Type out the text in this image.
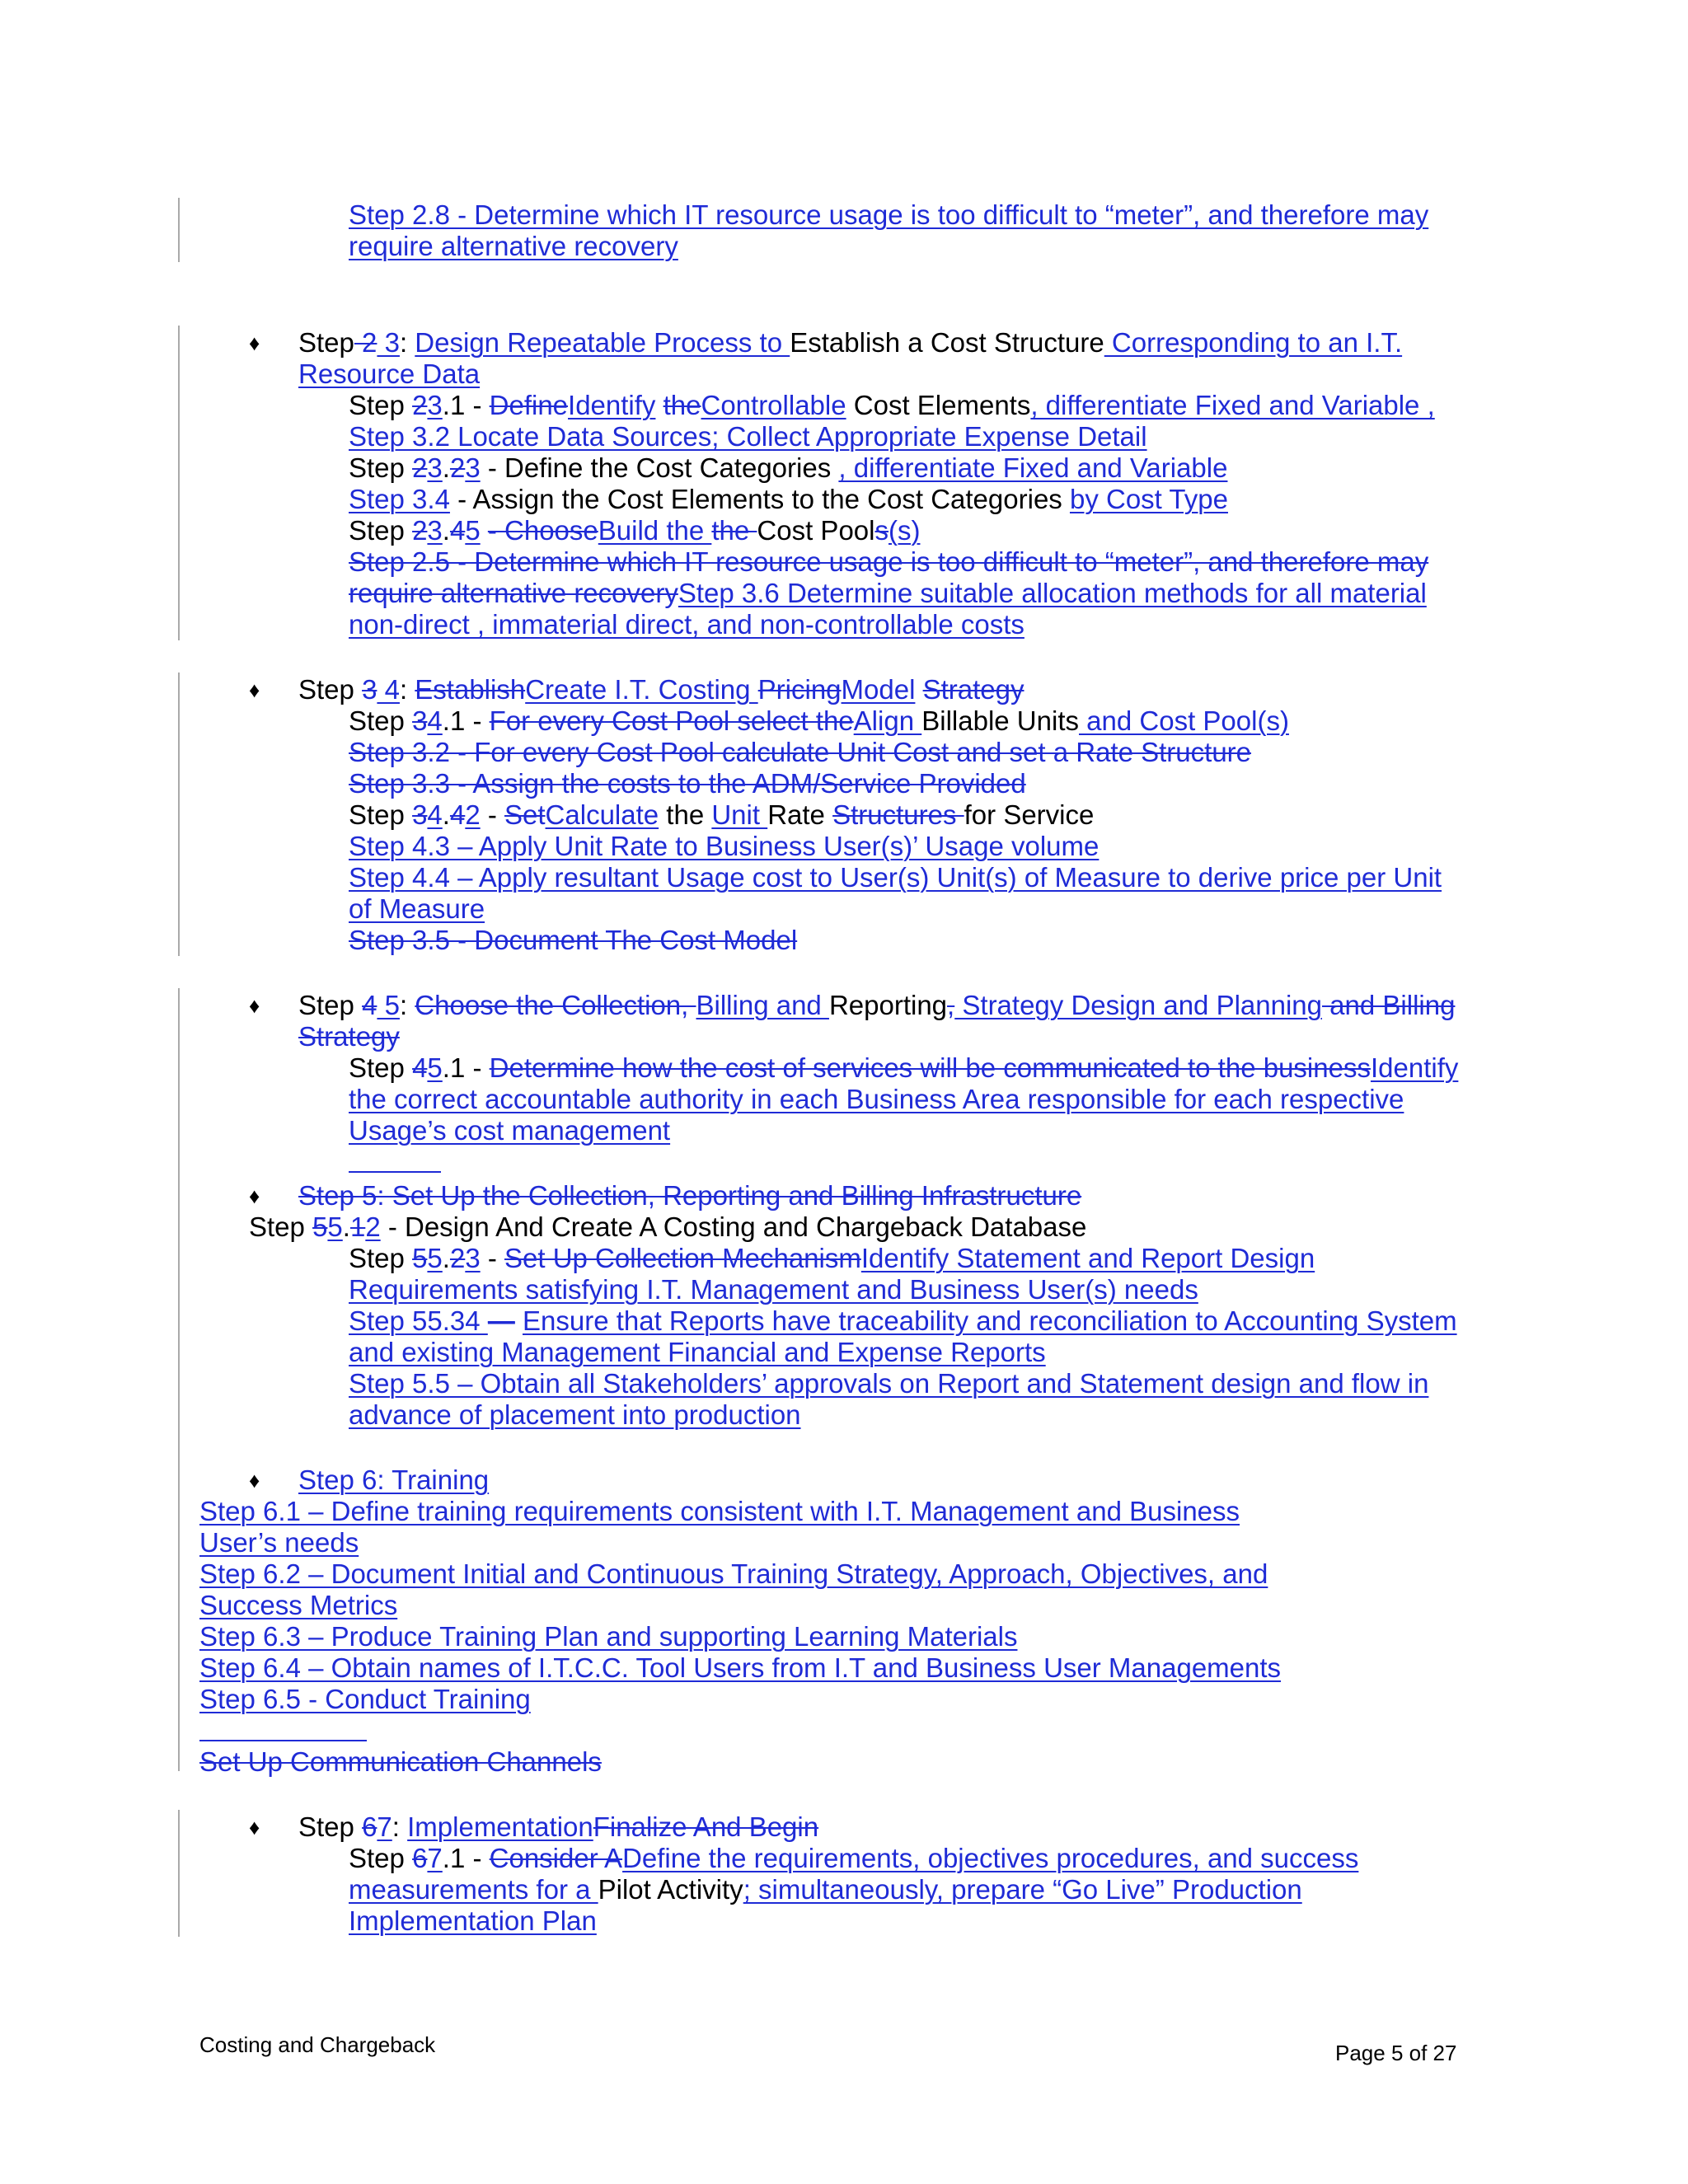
Step 2.8 - Determine which IT resource usage is too difficult to “meter”, and therefore may
require alternative recovery
♦ Step 2 3: Design Repeatable Process to Establish a Cost Structure Corresponding to an I.T.
Resource Data
Step 23.1 - DefineIdentify theControllable Cost Elements, differentiate Fixed and Variable ,
Step 3.2 Locate Data Sources; Collect Appropriate Expense Detail
Step 23.23 - Define the Cost Categories , differentiate Fixed and Variable
Step 3.4 - Assign the Cost Elements to the Cost Categories by Cost Type
Step 23.45 - ChooseBuild the the Cost Pools(s)
Step 2.5 - Determine which IT resource usage is too difficult to “meter”, and therefore may
require alternative recoveryStep 3.6 Determine suitable allocation methods for all material
non-direct , immaterial direct, and non-controllable costs
♦ Step 3 4: EstablishCreate I.T. Costing PricingModel Strategy
Step 34.1 - For every Cost Pool select theAlign Billable Units and Cost Pool(s)
Step 3.2 - For every Cost Pool calculate Unit Cost and set a Rate Structure
Step 3.3 - Assign the costs to the ADM/Service Provided
Step 34.42 - SetCalculate the Unit Rate Structures for Service
Step 4.3 – Apply Unit Rate to Business User(s)’ Usage volume
Step 4.4 – Apply resultant Usage cost to User(s) Unit(s) of Measure to derive price per Unit
of Measure
Step 3.5 - Document The Cost Model
♦ Step 4 5: Choose the Collection, Billing and Reporting, Strategy Design and Planning and Billing
Strategy
Step 45.1 - Determine how the cost of services will be communicated to the businessIdentify
the correct accountable authority in each Business Area responsible for each respective
Usage’s cost management
♦ Step 5: Set Up the Collection, Reporting and Billing Infrastructure
Step 55.12 - Design And Create A Costing and Chargeback Database
Step 55.23 - Set Up Collection MechanismIdentify Statement and Report Design
Requirements satisfying I.T. Management and Business User(s) needs
Step 55.34 — Ensure that Reports have traceability and reconciliation to Accounting System
and existing Management Financial and Expense Reports
Step 5.5 – Obtain all Stakeholders’ approvals on Report and Statement design and flow in
advance of placement into production
♦ Step 6: Training
Step 6.1 – Define training requirements consistent with I.T. Management and Business
User’s needs
Step 6.2 – Document Initial and Continuous Training Strategy, Approach, Objectives, and
Success Metrics
Step 6.3 – Produce Training Plan and supporting Learning Materials
Step 6.4 – Obtain names of I.T.C.C. Tool Users from I.T and Business User Managements
Step 6.5 - Conduct Training
Set Up Communication Channels
♦ Step 67: ImplementationFinalize And Begin
Step 67.1 - Consider ADefine the requirements, objectives procedures, and success
measurements for a Pilot Activity; simultaneously, prepare “Go Live” Production
Implementation Plan
Costing and Chargeback	Page 5 of 27
